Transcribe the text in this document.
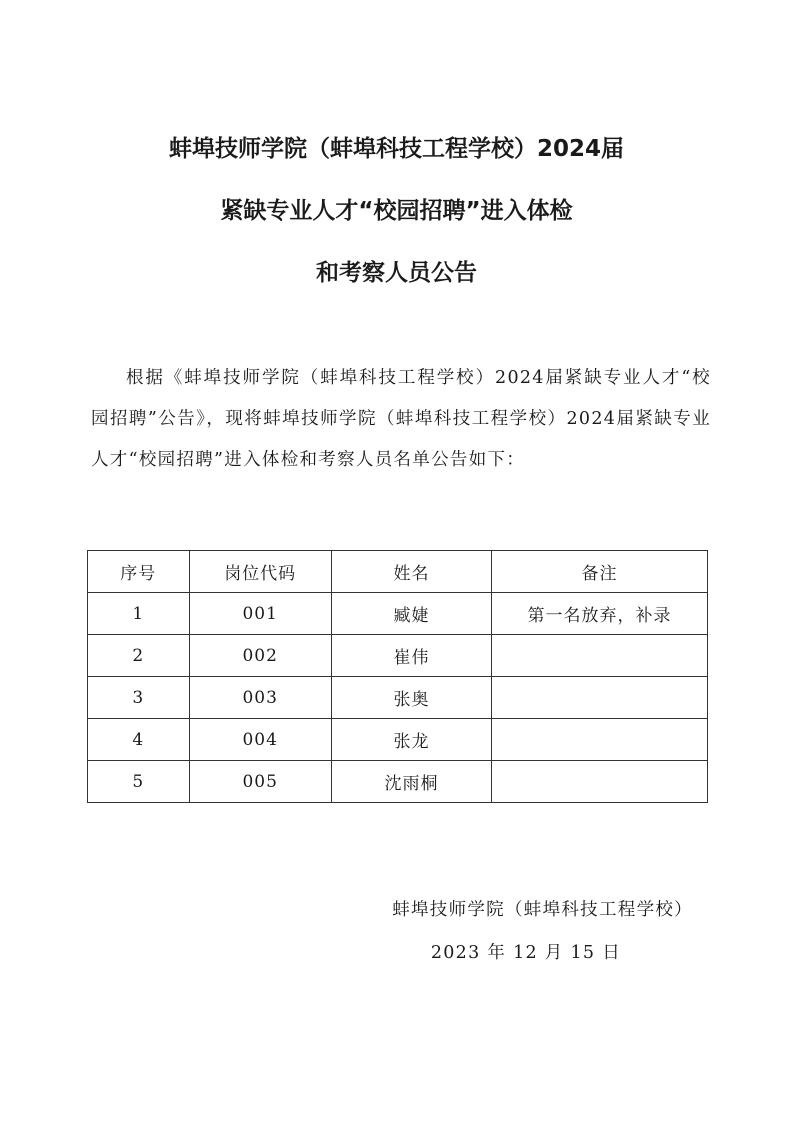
蚌埠技师学院（蚌埠科技工程学校）2024届
紧缺专业人才“校园招聘”进入体检
和考察人员公告

根据《蚌埠技师学院（蚌埠科技工程学校）2024届紧缺专业人才“校园招聘”公告》，现将蚌埠技师学院（蚌埠科技工程学校）2024届紧缺专业人才“校园招聘”进入体检和考察人员名单公告如下：

序号	岗位代码	姓名	备注
1	001	臧婕	第一名放弃，补录
2	002	崔伟	
3	003	张奥	
4	004	张龙	
5	005	沈雨桐	
蚌埠技师学院（蚌埠科技工程学校）
2023 年 12 月 15 日
